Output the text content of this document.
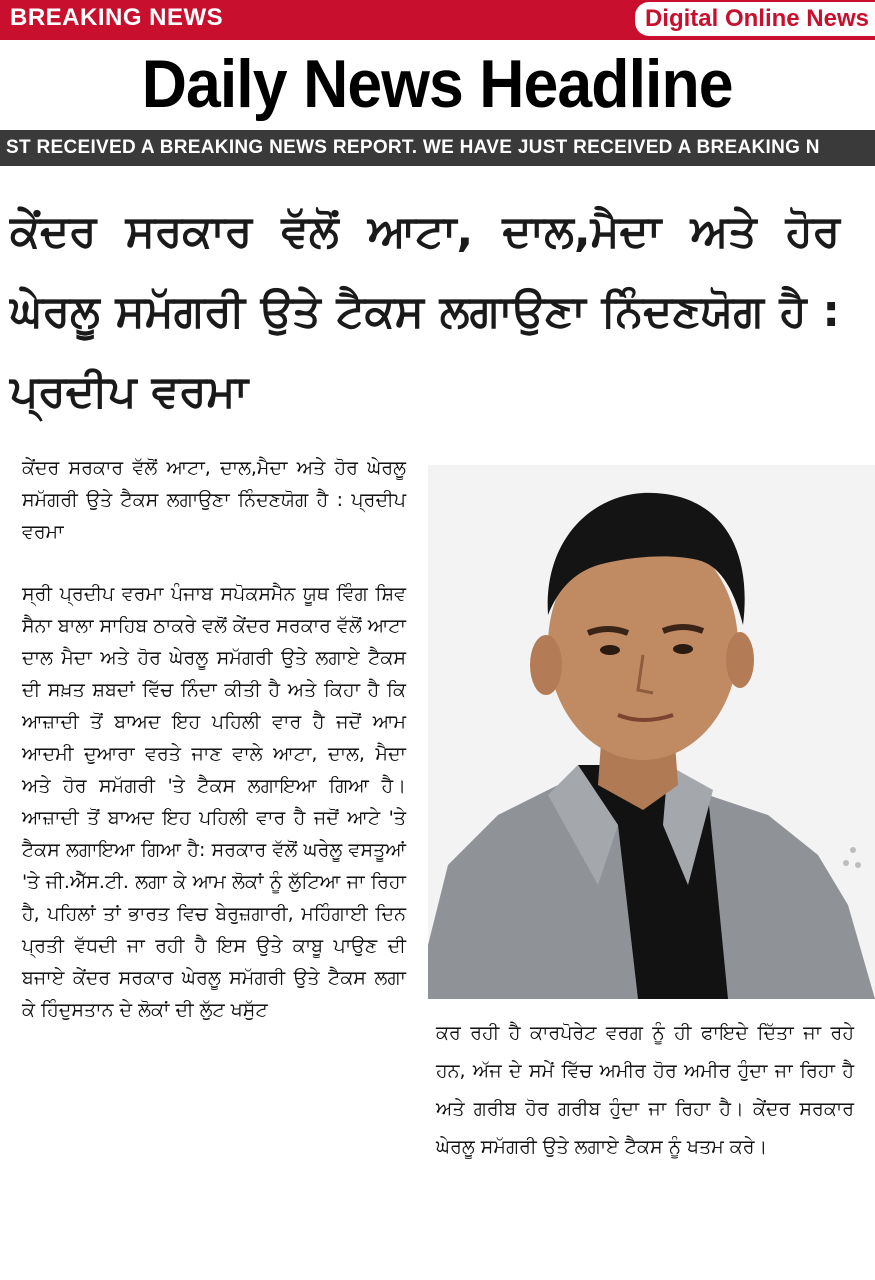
BREAKING NEWS	Digital Online News
Daily News Headline
ST RECEIVED A BREAKING NEWS REPORT. WE HAVE JUST RECEIVED A BREAKING N
ਕੇਂਦਰ ਸਰਕਾਰ ਵੱਲੋਂ ਆਟਾ, ਦਾਲ,ਮੈਦਾ ਅਤੇ ਹੋਰ ਘੇਰਲੂ ਸਮੱਗਰੀ ਉਤੇ ਟੈਕਸ ਲਗਾਉਣਾ ਨਿੰਦਣਯੋਗ ਹੈ : ਪ੍ਰਦੀਪ ਵਰਮਾ

ਕੇਂਦਰ ਸਰਕਾਰ ਵੱਲੋਂ ਆਟਾ, ਦਾਲ,ਮੈਦਾ ਅਤੇ ਹੋਰ ਘੇਰਲੂ ਸਮੱਗਰੀ ਉਤੇ ਟੈਕਸ ਲਗਾਉਣਾ ਨਿੰਦਣਯੋਗ ਹੈ : ਪ੍ਰਦੀਪ ਵਰਮਾ

ਸ੍ਰੀ ਪ੍ਰਦੀਪ ਵਰਮਾ ਪੰਜਾਬ ਸਪੋਕਸਮੈਨ ਯੂਥ ਵਿੰਗ ਸ਼ਿਵ ਸੈਨਾ ਬਾਲਾ ਸਾਹਿਬ ਠਾਕਰੇ ਵਲੋਂ ਕੇਂਦਰ ਸਰਕਾਰ ਵੱਲੋਂ ਆਟਾ ਦਾਲ ਮੈਦਾ ਅਤੇ ਹੋਰ ਘੇਰਲੂ ਸਮੱਗਰੀ ਉਤੇ ਲਗਾਏ ਟੈਕਸ ਦੀ ਸਖ਼ਤ ਸ਼ਬਦਾਂ ਵਿੱਚ ਨਿੰਦਾ ਕੀਤੀ ਹੈ ਅਤੇ ਕਿਹਾ ਹੈ ਕਿ ਆਜ਼ਾਦੀ ਤੋਂ ਬਾਅਦ ਇਹ ਪਹਿਲੀ ਵਾਰ ਹੈ ਜਦੋਂ ਆਮ ਆਦਮੀ ਦੁਆਰਾ ਵਰਤੇ ਜਾਣ ਵਾਲੇ ਆਟਾ, ਦਾਲ, ਮੈਦਾ ਅਤੇ ਹੋਰ ਸਮੱਗਰੀ 'ਤੇ ਟੈਕਸ ਲਗਾਇਆ ਗਿਆ ਹੈ। ਆਜ਼ਾਦੀ ਤੋਂ ਬਾਅਦ ਇਹ ਪਹਿਲੀ ਵਾਰ ਹੈ ਜਦੋਂ ਆਟੇ 'ਤੇ ਟੈਕਸ ਲਗਾਇਆ ਗਿਆ ਹੈ: ਸਰਕਾਰ ਵੱਲੋਂ ਘਰੇਲੂ ਵਸਤੂਆਂ 'ਤੇ ਜੀ.ਐੱਸ.ਟੀ. ਲਗਾ ਕੇ ਆਮ ਲੋਕਾਂ ਨੂੰ ਲੁੱਟਿਆ ਜਾ ਰਿਹਾ ਹੈ, ਪਹਿਲਾਂ ਤਾਂ ਭਾਰਤ ਵਿਚ ਬੇਰੁਜ਼ਗਾਰੀ, ਮਹਿੰਗਾਈ ਦਿਨ ਪ੍ਰਤੀ ਵੱਧਦੀ ਜਾ ਰਹੀ ਹੈ ਇਸ ਉਤੇ ਕਾਬੂ ਪਾਉਣ ਦੀ ਬਜਾਏ ਕੇਂਦਰ ਸਰਕਾਰ ਘੇਰਲੂ ਸਮੱਗਰੀ ਉਤੇ ਟੈਕਸ ਲਗਾ ਕੇ ਹਿੰਦੁਸਤਾਨ ਦੇ ਲੋਕਾਂ ਦੀ ਲੁੱਟ ਖਸੁੱਟ

ਕਰ ਰਹੀ ਹੈ ਕਾਰਪੋਰੇਟ ਵਰਗ ਨੂੰ ਹੀ ਫਾਇਦੇ ਦਿੱਤਾ ਜਾ ਰਹੇ ਹਨ, ਅੱਜ ਦੇ ਸਮੇਂ ਵਿੱਚ ਅਮੀਰ ਹੋਰ ਅਮੀਰ ਹੁੰਦਾ ਜਾ ਰਿਹਾ ਹੈ ਅਤੇ ਗਰੀਬ ਹੋਰ ਗਰੀਬ ਹੁੰਦਾ ਜਾ ਰਿਹਾ ਹੈ। ਕੇਂਦਰ ਸਰਕਾਰ ਘੇਰਲੂ ਸਮੱਗਰੀ ਉਤੇ ਲਗਾਏ ਟੈਕਸ ਨੂੰ ਖਤਮ ਕਰੇ।
